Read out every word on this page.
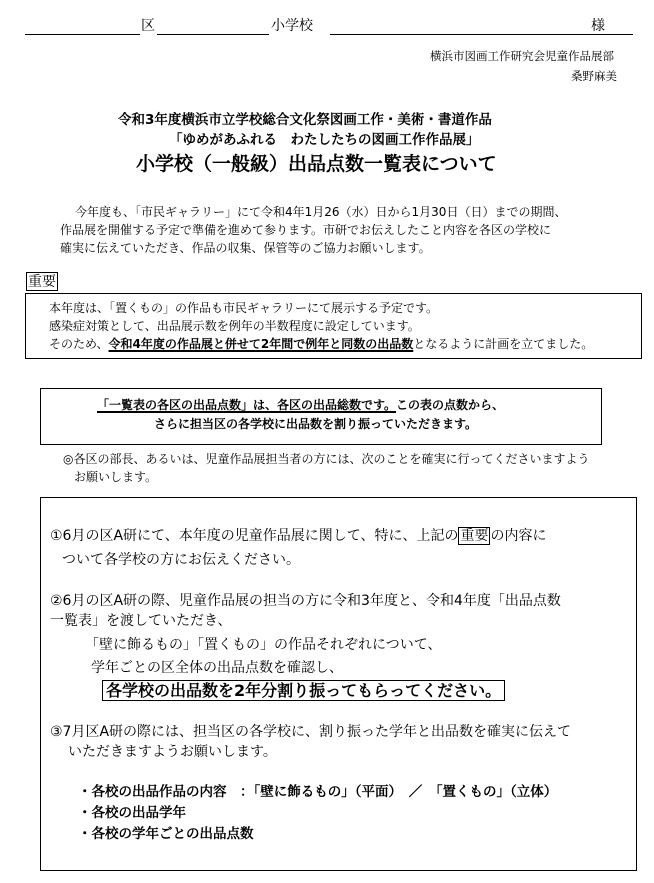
区	小学校	様
横浜市図画工作研究会児童作品展部
桑野麻美
令和3年度横浜市立学校総合文化祭図画工作・美術・書道作品
「ゆめがあふれる　わたしたちの図画工作作品展」
小学校（一般級）出品点数一覧表について
今年度も、「市民ギャラリー」にて令和4年1月26（水）日から1月30日（日）までの期間、
作品展を開催する予定で準備を進めて参ります。市研でお伝えしたこと内容を各区の学校に
確実に伝えていただき、作品の収集、保管等のご協力お願いします。
重要
本年度は、「置くもの」の作品も市民ギャラリーにて展示する予定です。
感染症対策として、出品展示数を例年の半数程度に設定しています。
そのため、令和4年度の作品展と併せて2年間で例年と同数の出品数となるように計画を立てました。
「一覧表の各区の出品点数」は、各区の出品総数です。この表の点数から、
さらに担当区の各学校に出品数を割り振っていただきます。
◎各区の部長、あるいは、児童作品展担当者の方には、次のことを確実に行ってくださいますよう
お願いします。
①6月の区A研にて、本年度の児童作品展に関して、特に、上記の 重要 の内容に
ついて各学校の方にお伝えください。
②6月の区A研の際、児童作品展の担当の方に令和3年度と、令和4年度「出品点数
一覧表」を渡していただき、
「壁に飾るもの」「置くもの」の作品それぞれについて、
学年ごとの区全体の出品点数を確認し、
各学校の出品数を2年分割り振ってもらってください。
③7月区A研の際には、担当区の各学校に、割り振った学年と出品数を確実に伝えて
いただきますようお願いします。
・各校の出品作品の内容　：「壁に飾るもの」（平面）　／　「置くもの」（立体）
・各校の出品学年
・各校の学年ごとの出品点数
